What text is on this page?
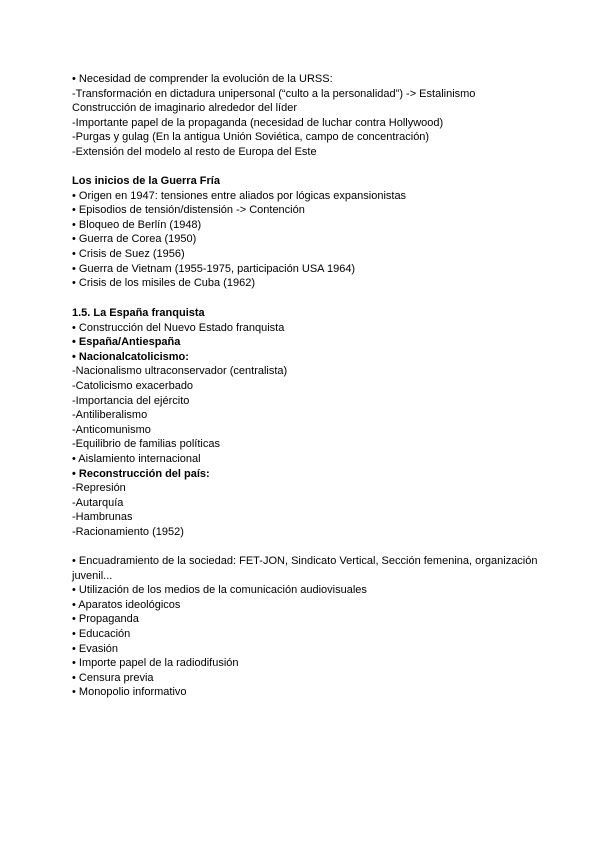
• Necesidad de comprender la evolución de la URSS:
-Transformación en dictadura unipersonal (“culto a la personalidad”) -> Estalinismo
Construcción de imaginario alrededor del líder
-Importante papel de la propaganda (necesidad de luchar contra Hollywood)
-Purgas y gulag (En la antigua Unión Soviética, campo de concentración)
-Extensión del modelo al resto de Europa del Este
Los inicios de la Guerra Fría
• Origen en 1947: tensiones entre aliados por lógicas expansionistas
• Episodios de tensión/distensión -> Contención
• Bloqueo de Berlín (1948)
• Guerra de Corea (1950)
• Crisis de Suez (1956)
• Guerra de Vietnam (1955-1975, participación USA 1964)
• Crisis de los misiles de Cuba (1962)
1.5. La España franquista
• Construcción del Nuevo Estado franquista
• España/Antiespaña
• Nacionalcatolicismo:
-Nacionalismo ultraconservador (centralista)
-Catolicismo exacerbado
-Importancia del ejército
-Antiliberalismo
-Anticomunismo
-Equilibrio de familias políticas
• Aislamiento internacional
• Reconstrucción del país:
-Represión
-Autarquía
-Hambrunas
-Racionamiento (1952)
• Encuadramiento de la sociedad: FET-JON, Sindicato Vertical, Sección femenina, organización juvenil...
• Utilización de los medios de la comunicación audiovisuales
• Aparatos ideológicos
• Propaganda
• Educación
• Evasión
• Importe papel de la radiodifusión
• Censura previa
• Monopolio informativo
